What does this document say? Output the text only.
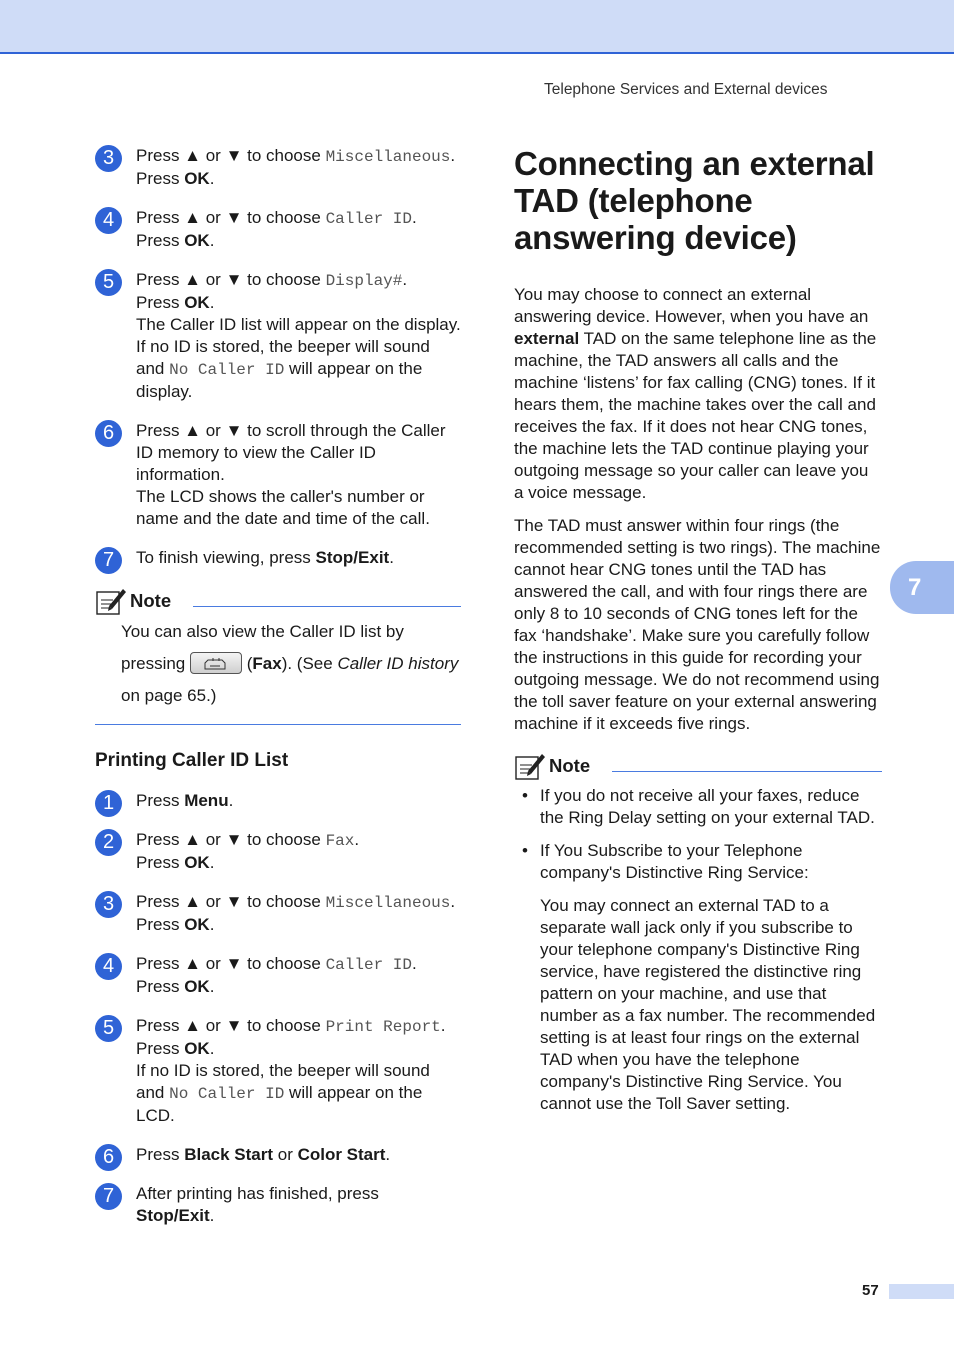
Telephone Services and External devices
3	Press ▲ or ▼ to choose Miscellaneous.
Press OK.
4	Press ▲ or ▼ to choose Caller ID.
Press OK.
5	Press ▲ or ▼ to choose Display#.
Press OK.
The Caller ID list will appear on the display. If no ID is stored, the beeper will sound and No Caller ID will appear on the display.
6	Press ▲ or ▼ to scroll through the Caller ID memory to view the Caller ID information.
The LCD shows the caller's number or name and the date and time of the call.
7	To finish viewing, press Stop/Exit.
Note
You can also view the Caller ID list by pressing	(Fax). (See Caller ID history on page 65.)
Printing Caller ID List
1	Press Menu.
2	Press ▲ or ▼ to choose Fax.
Press OK.
3	Press ▲ or ▼ to choose Miscellaneous.
Press OK.
4	Press ▲ or ▼ to choose Caller ID.
Press OK.
5	Press ▲ or ▼ to choose Print Report.
Press OK.
If no ID is stored, the beeper will sound and No Caller ID will appear on the LCD.
6	Press Black Start or Color Start.
7	After printing has finished, press Stop/Exit.
Connecting an external TAD (telephone answering device)

You may choose to connect an external answering device. However, when you have an external TAD on the same telephone line as the machine, the TAD answers all calls and the machine ‘listens’ for fax calling (CNG) tones. If it hears them, the machine takes over the call and receives the fax. If it does not hear CNG tones, the machine lets the TAD continue playing your outgoing message so your caller can leave you a voice message.

The TAD must answer within four rings (the recommended setting is two rings). The machine cannot hear CNG tones until the TAD has answered the call, and with four rings there are only 8 to 10 seconds of CNG tones left for the fax ‘handshake’. Make sure you carefully follow the instructions in this guide for recording your outgoing message. We do not recommend using the toll saver feature on your external answering machine if it exceeds five rings.

Note
• If you do not receive all your faxes, reduce the Ring Delay setting on your external TAD.
• If You Subscribe to your Telephone company's Distinctive Ring Service:
You may connect an external TAD to a separate wall jack only if you subscribe to your telephone company's Distinctive Ring service, have registered the distinctive ring pattern on your machine, and use that number as a fax number. The recommended setting is at least four rings on the external TAD when you have the telephone company's Distinctive Ring Service. You cannot use the Toll Saver setting.
7
57
